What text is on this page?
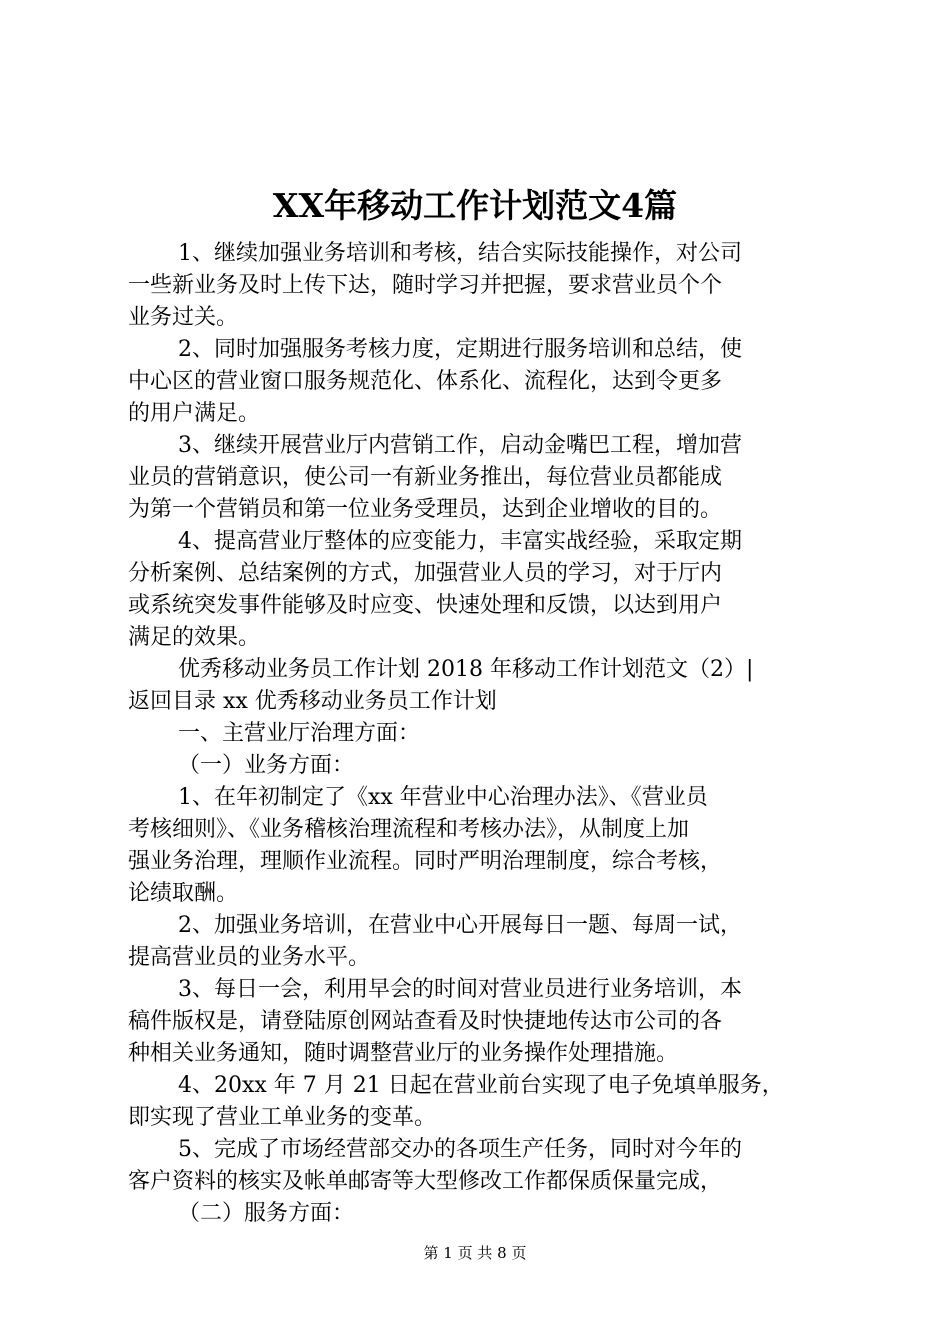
XX年移动工作计划范文4篇
1、继续加强业务培训和考核，结合实际技能操作，对公司
一些新业务及时上传下达，随时学习并把握，要求营业员个个
业务过关。
2、同时加强服务考核力度，定期进行服务培训和总结，使
中心区的营业窗口服务规范化、体系化、流程化，达到令更多
的用户满足。
3、继续开展营业厅内营销工作，启动金嘴巴工程，增加营
业员的营销意识，使公司一有新业务推出，每位营业员都能成
为第一个营销员和第一位业务受理员，达到企业增收的目的。
4、提高营业厅整体的应变能力，丰富实战经验，采取定期
分析案例、总结案例的方式，加强营业人员的学习，对于厅内
或系统突发事件能够及时应变、快速处理和反馈，以达到用户
满足的效果。
优秀移动业务员工作计划 2018 年移动工作计划范文（2）|
返回目录 xx 优秀移动业务员工作计划
一、主营业厅治理方面：
（一）业务方面：
1、在年初制定了《xx 年营业中心治理办法》、《营业员
考核细则》、《业务稽核治理流程和考核办法》，从制度上加
强业务治理，理顺作业流程。同时严明治理制度，综合考核，
论绩取酬。
2、加强业务培训，在营业中心开展每日一题、每周一试，
提高营业员的业务水平。
3、每日一会，利用早会的时间对营业员进行业务培训，本
稿件版权是，请登陆原创网站查看及时快捷地传达市公司的各
种相关业务通知，随时调整营业厅的业务操作处理措施。
4、20xx 年 7 月 21 日起在营业前台实现了电子免填单服务，
即实现了营业工单业务的变革。
5、完成了市场经营部交办的各项生产任务，同时对今年的
客户资料的核实及帐单邮寄等大型修改工作都保质保量完成，
（二）服务方面：
第 1 页 共 8 页
